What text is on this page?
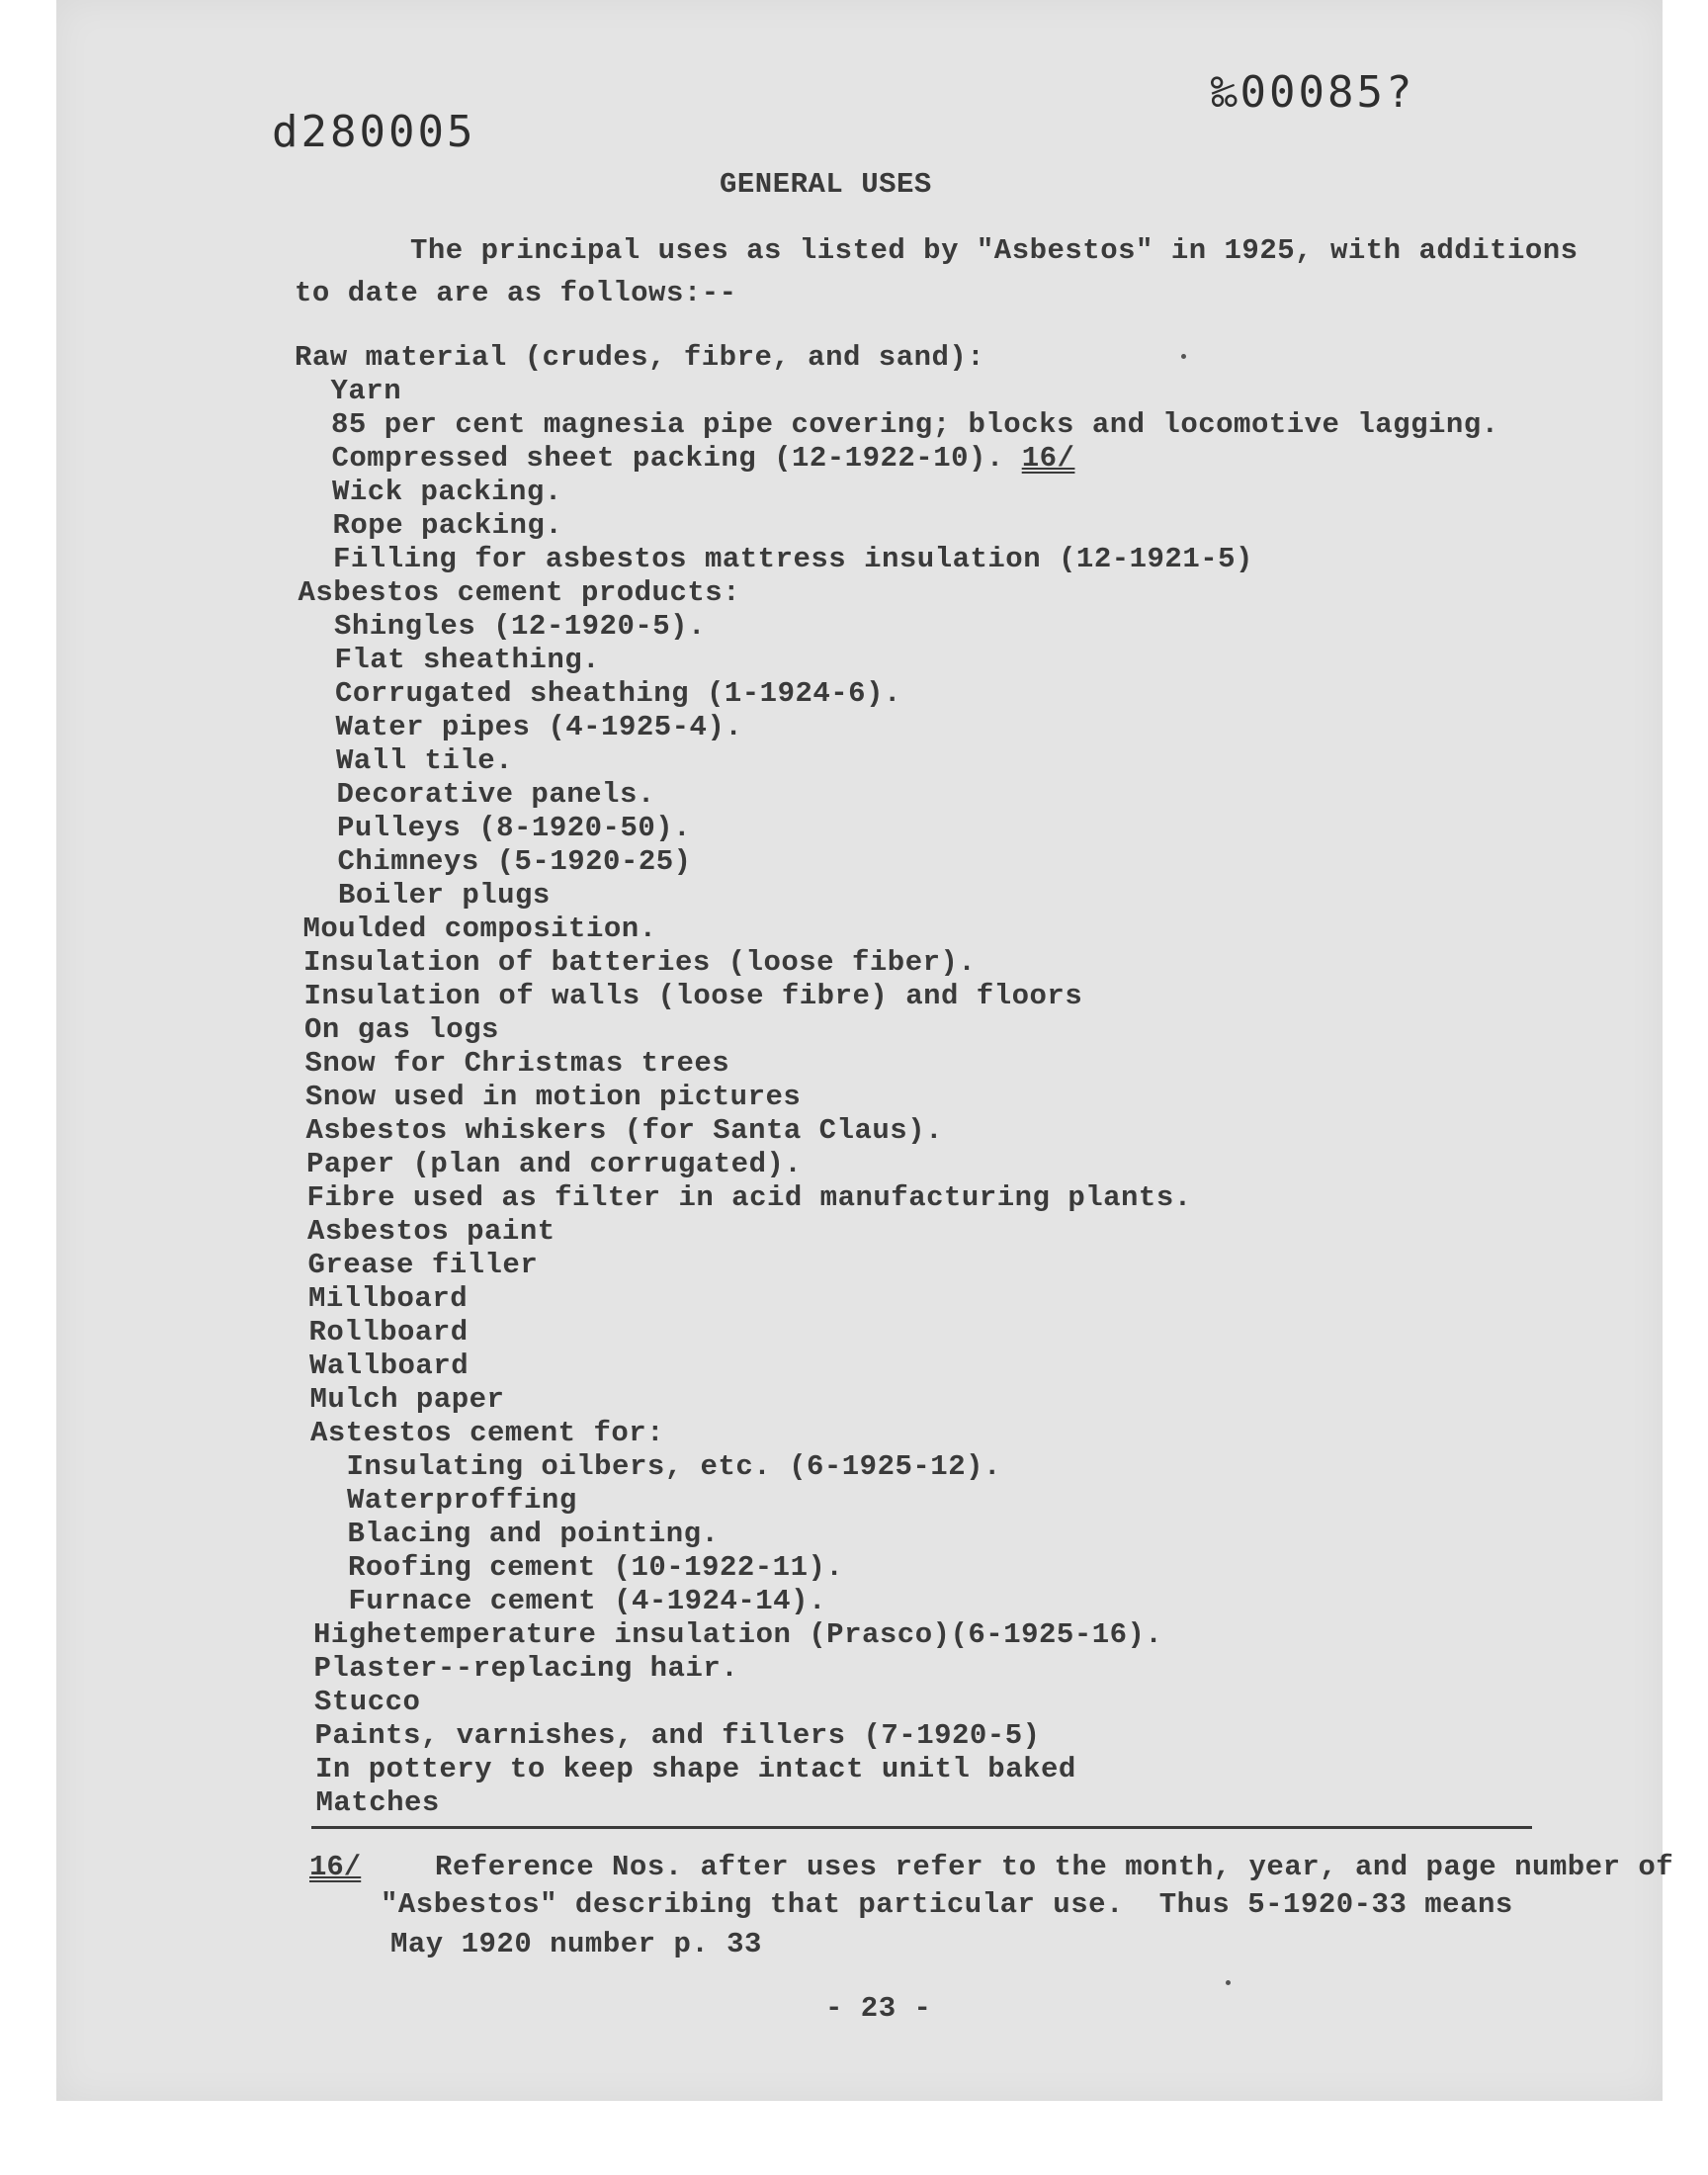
d280005
‰00085?
GENERAL USES
The principal uses as listed by "Asbestos" in 1925, with additions
to date are as follows:--
Raw material (crudes, fibre, and sand):
Yarn
85 per cent magnesia pipe covering; blocks and locomotive lagging.
Compressed sheet packing (12-1922-10). 16/
Wick packing.
Rope packing.
Filling for asbestos mattress insulation (12-1921-5)
Asbestos cement products:
Shingles (12-1920-5).
Flat sheathing.
Corrugated sheathing (1-1924-6).
Water pipes (4-1925-4).
Wall tile.
Decorative panels.
Pulleys (8-1920-50).
Chimneys (5-1920-25)
Boiler plugs
Moulded composition.
Insulation of batteries (loose fiber).
Insulation of walls (loose fibre) and floors
On gas logs
Snow for Christmas trees
Snow used in motion pictures
Asbestos whiskers (for Santa Claus).
Paper (plan and corrugated).
Fibre used as filter in acid manufacturing plants.
Asbestos paint
Grease filler
Millboard
Rollboard
Wallboard
Mulch paper
Astestos cement for:
Insulating oilbers, etc. (6-1925-12).
Waterproffing
Blacing and pointing.
Roofing cement (10-1922-11).
Furnace cement (4-1924-14).
Highetemperature insulation (Prasco)(6-1925-16).
Plaster--replacing hair.
Stucco
Paints, varnishes, and fillers (7-1920-5)
In pottery to keep shape intact unitl baked
Matches
16/	Reference Nos. after uses refer to the month, year, and page number of
"Asbestos" describing that particular use.  Thus 5-1920-33 means
May 1920 number p. 33
- 23 -
